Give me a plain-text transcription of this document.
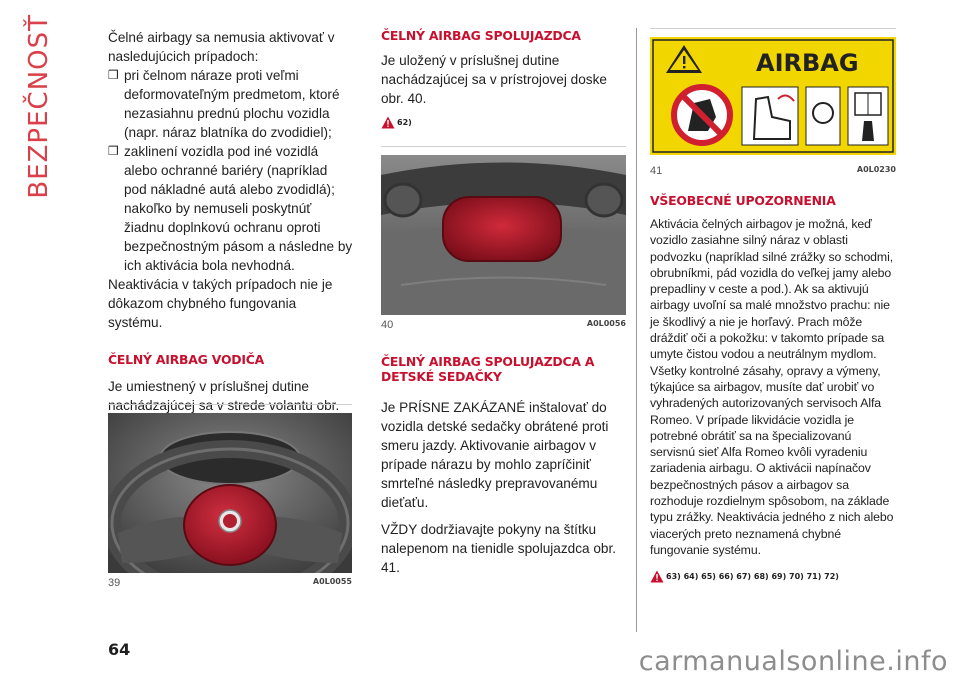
BEZPEČNOSŤ	Čelné airbagy sa nemusia aktivovať v nasledujúcich prípadoch:

❒ pri čelnom náraze proti veľmi deformovateľným predmetom, ktoré nezasiahnu prednú plochu vozidla (napr. náraz blatníka do zvodidiel);
❒ zaklinení vozidla pod iné vozidlá alebo ochranné bariéry (napríklad pod nákladné autá alebo zvodidlá); nakoľko by nemuseli poskytnúť žiadnu doplnkovú ochranu oproti bezpečnostným pásom a následne by ich aktivácia bola nevhodná.

Neaktivácia v takých prípadoch nie je dôkazom chybného fungovania systému.

ČELNÝ AIRBAG VODIČA

Je umiestnený v príslušnej dutine nachádzajúcej sa v strede volantu obr.

120
39	A0L0055
ČELNÝ AIRBAG SPOLUJAZDCA

Je uložený v príslušnej dutine nachádzajúcej sa v prístrojovej doske obr. 40.

62)
40	A0L0056
ČELNÝ AIRBAG SPOLUJAZDCA A DETSKÉ SEDAČKY

Je PRÍSNE ZAKÁZANÉ inštalovať do vozidla detské sedačky obrátené proti smeru jazdy. Aktivovanie airbagov v prípade nárazu by mohlo zapríčiniť smrteľné následky prepravovanému dieťaťu.

VŽDY dodržiavajte pokyny na štítku nalepenom na tienidle spolujazdca obr. 41.

AIRBAG
41	A0L0230
VŠEOBECNÉ UPOZORNENIA

Aktivácia čelných airbagov je možná, keď vozidlo zasiahne silný náraz v oblasti podvozku (napríklad silné zrážky so schodmi, obrubníkmi, pád vozidla do veľkej jamy alebo prepadliny v ceste a pod.). Ak sa aktivujú airbagy uvoľní sa malé množstvo prachu: nie je škodlivý a nie je horľavý. Prach môže dráždiť oči a pokožku: v takomto prípade sa umyte čistou vodou a neutrálnym mydlom. Všetky kontrolné zásahy, opravy a výmeny, týkajúce sa airbagov, musíte dať urobiť vo vyhradených autorizovaných servisoch Alfa Romeo. V prípade likvidácie vozidla je potrebné obrátiť sa na špecializovanú servisnú sieť Alfa Romeo kvôli vyradeniu zariadenia airbagu. O aktivácii napínačov bezpečnostných pásov a airbagov sa rozhoduje rozdielnym spôsobom, na základe typu zrážky. Neaktivácia jedného z nich alebo viacerých preto neznamená chybné fungovanie systému.

63) 64) 65) 66) 67) 68) 69) 70) 71) 72)
64	carmanualsonline.info
